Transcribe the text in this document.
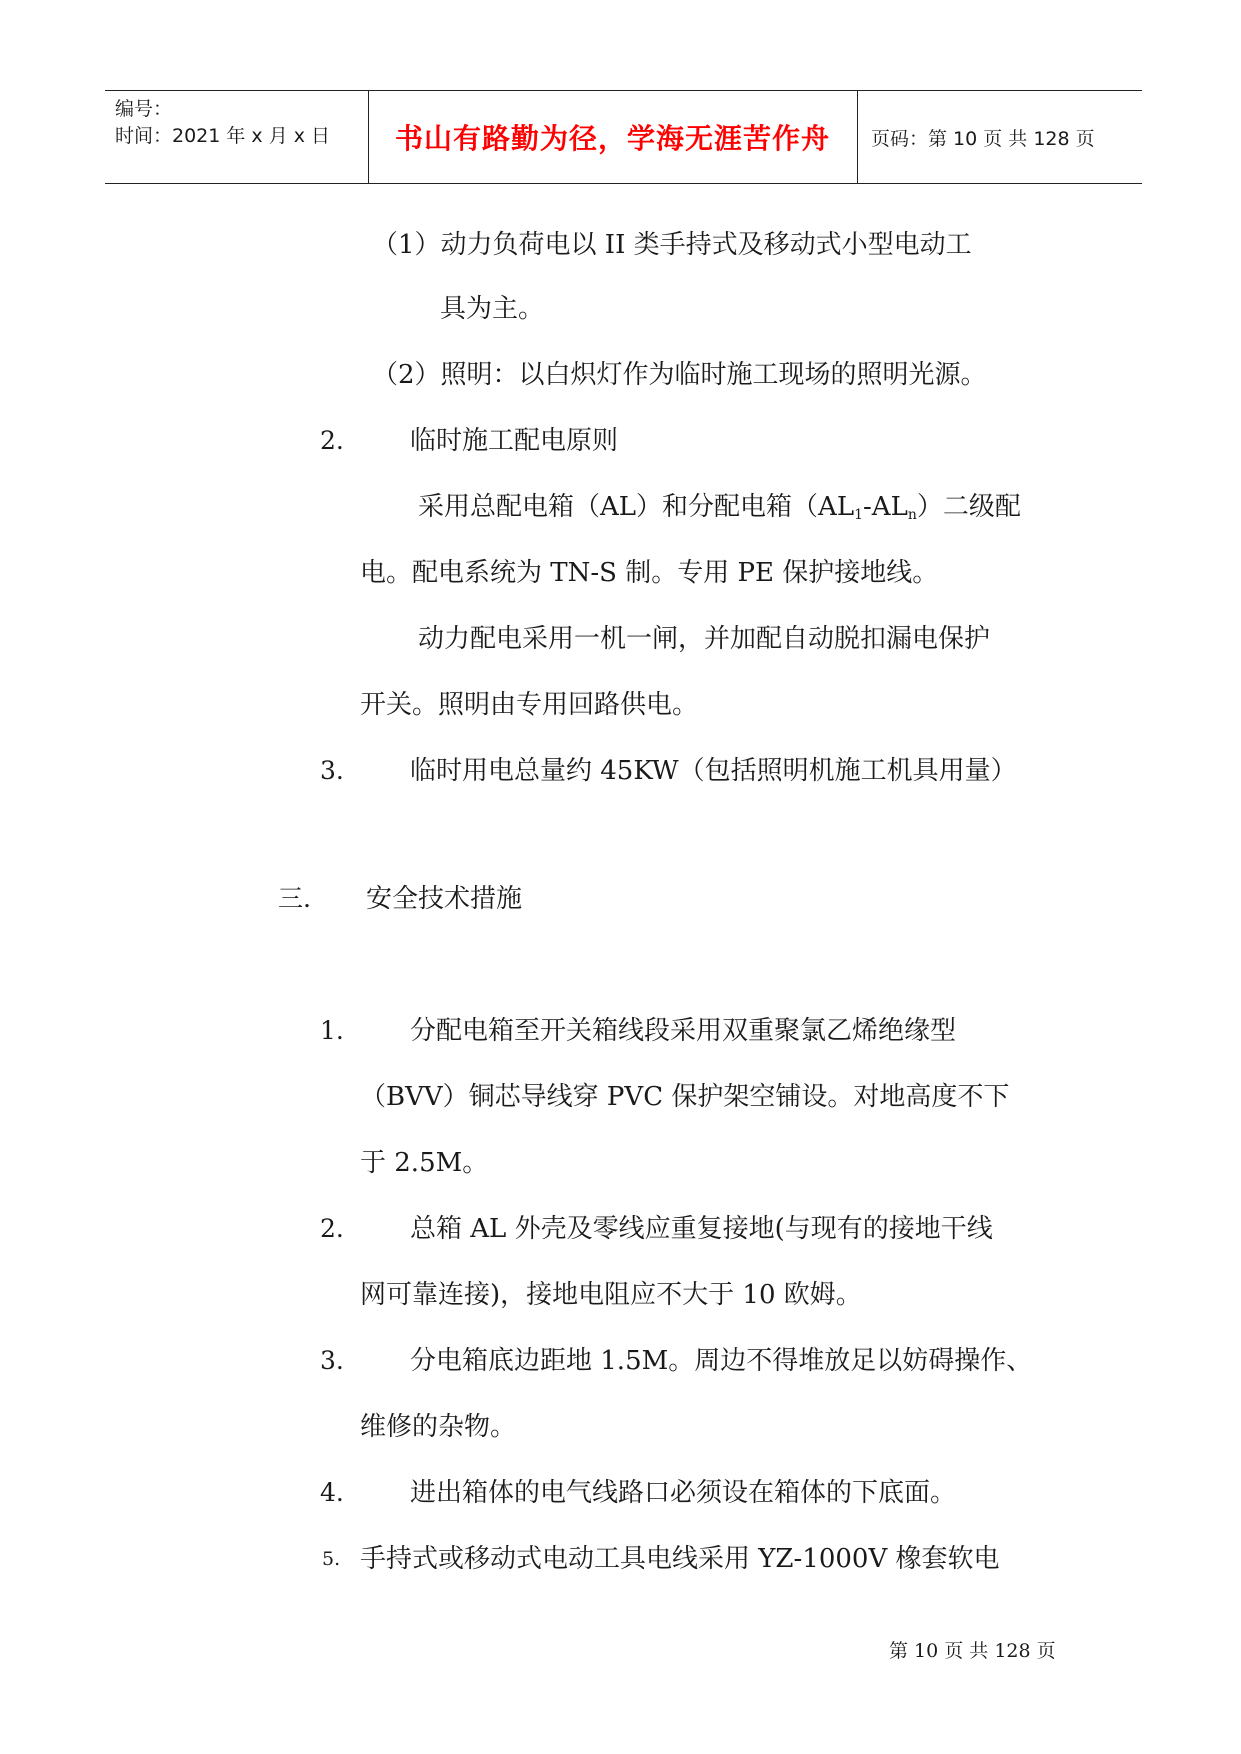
编号：
时间：2021 年 x 月 x 日	书山有路勤为径，学海无涯苦作舟	页码：第 10 页 共 128 页
（1）动力负荷电以 II 类手持式及移动式小型电动工
具为主。
（2）照明：以白炽灯作为临时施工现场的照明光源。
2.	临时施工配电原则
采用总配电箱（AL）和分配电箱$(AL_1-AL_n)$二级配
电。配电系统为 TN-S 制。专用 PE 保护接地线。
动力配电采用一机一闸，并加配自动脱扣漏电保护
开关。照明由专用回路供电。
3.	临时用电总量约 45KW（包括照明机施工机具用量）
三. 安全技术措施
1.	分配电箱至开关箱线段采用双重聚氯乙烯绝缘型
（BVV）铜芯导线穿 PVC 保护架空铺设。对地高度不下
于 2.5M。
2.	总箱 AL 外壳及零线应重复接地(与现有的接地干线
网可靠连接)，接地电阻应不大于 10 欧姆。
3.	分电箱底边距地 1.5M。周边不得堆放足以妨碍操作、
维修的杂物。
4.	进出箱体的电气线路口必须设在箱体的下底面。
5. 手持式或移动式电动工具电线采用 YZ-1000V 橡套软电
第 10 页 共 128 页
